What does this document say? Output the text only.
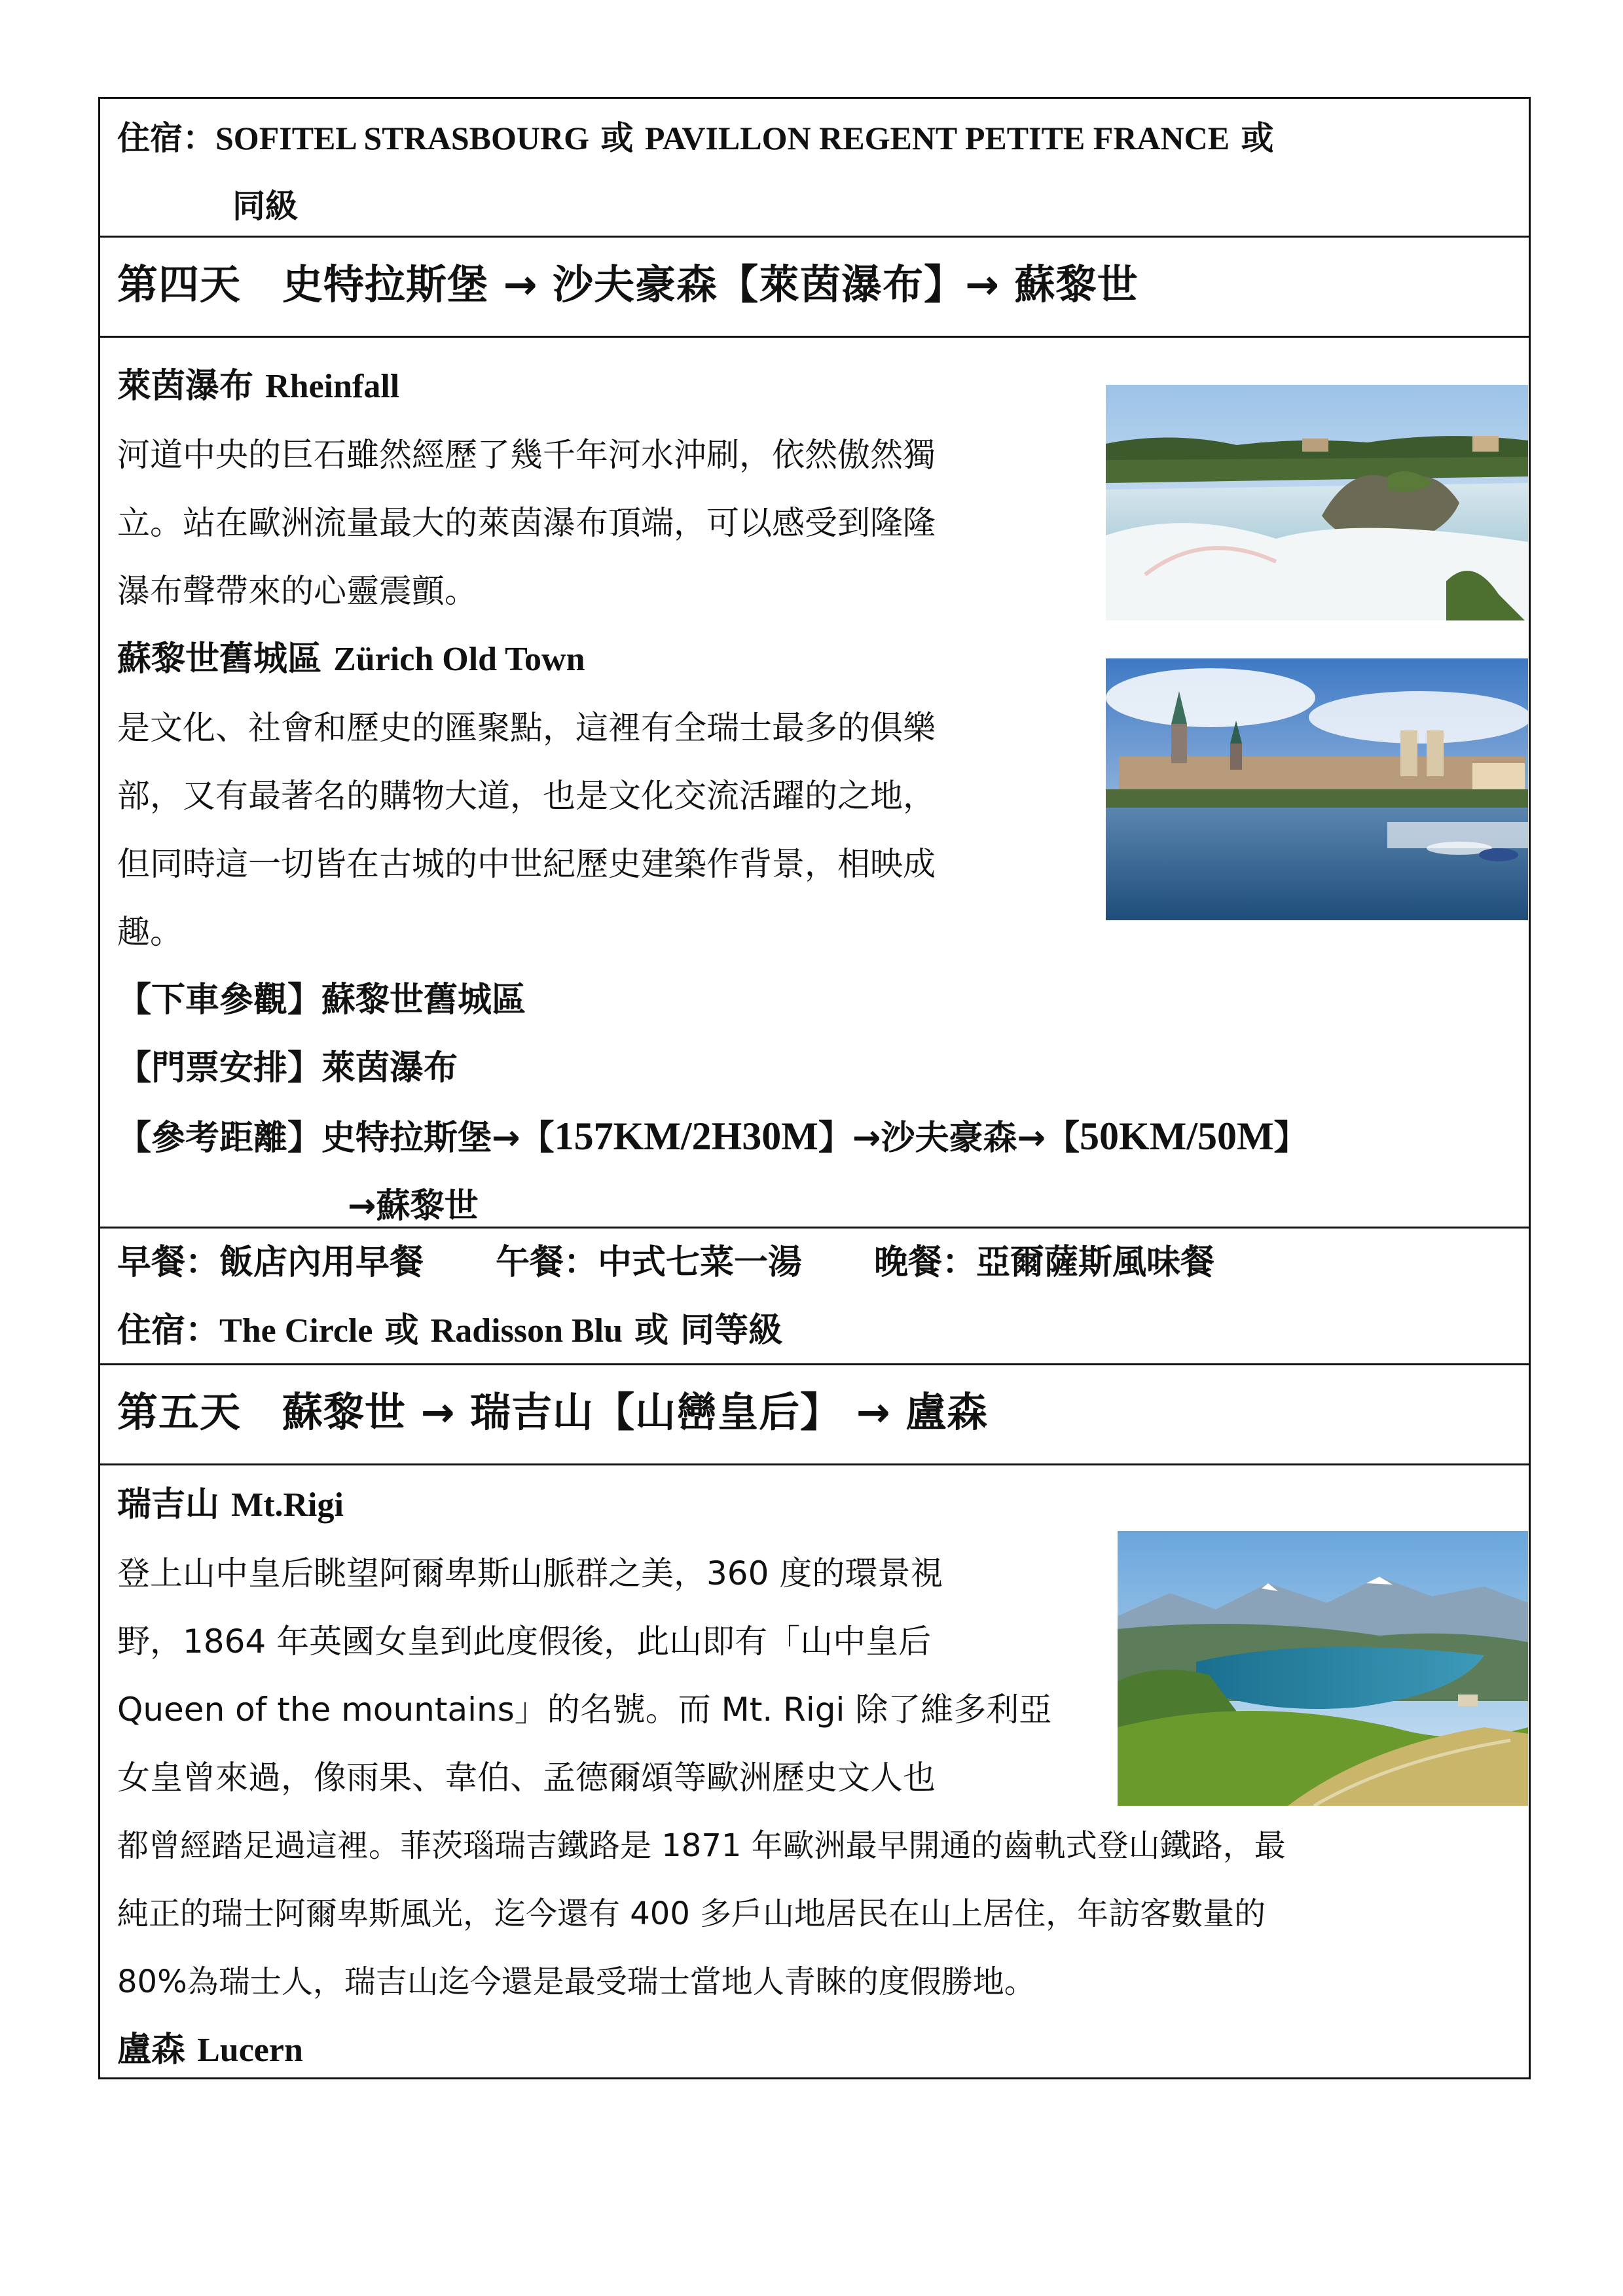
住宿：SOFITEL STRASBOURG 或 PAVILLON REGENT PETITE FRANCE 或
同級
第四天　史特拉斯堡 → 沙夫豪森【萊茵瀑布】→ 蘇黎世
萊茵瀑布 Rheinfall
河道中央的巨石雖然經歷了幾千年河水沖刷，依然傲然獨
立。站在歐洲流量最大的萊茵瀑布頂端，可以感受到隆隆
瀑布聲帶來的心靈震顫。
蘇黎世舊城區 Zürich Old Town
是文化、社會和歷史的匯聚點，這裡有全瑞士最多的俱樂
部，又有最著名的購物大道，也是文化交流活躍的之地，
但同時這一切皆在古城的中世紀歷史建築作背景，相映成
趣。
【下車參觀】蘇黎世舊城區
【門票安排】萊茵瀑布
【參考距離】史特拉斯堡→【157KM/2H30M】→沙夫豪森→【50KM/50M】
→蘇黎世
早餐：飯店內用早餐 午餐：中式七菜一湯 晚餐：亞爾薩斯風味餐
住宿：The Circle 或 Radisson Blu 或 同等級
第五天　蘇黎世 → 瑞吉山【山巒皇后】 → 盧森
瑞吉山 Mt.Rigi
登上山中皇后眺望阿爾卑斯山脈群之美，360 度的環景視
野，1864 年英國女皇到此度假後，此山即有「山中皇后
Queen of the mountains」的名號。而 Mt. Rigi 除了維多利亞
女皇曾來過，像雨果、韋伯、孟德爾頌等歐洲歷史文人也
都曾經踏足過這裡。菲茨瑙瑞吉鐵路是 1871 年歐洲最早開通的齒軌式登山鐵路，最
純正的瑞士阿爾卑斯風光，迄今還有 400 多戶山地居民在山上居住，年訪客數量的
80%為瑞士人，瑞吉山迄今還是最受瑞士當地人青睞的度假勝地。
盧森 Lucern
